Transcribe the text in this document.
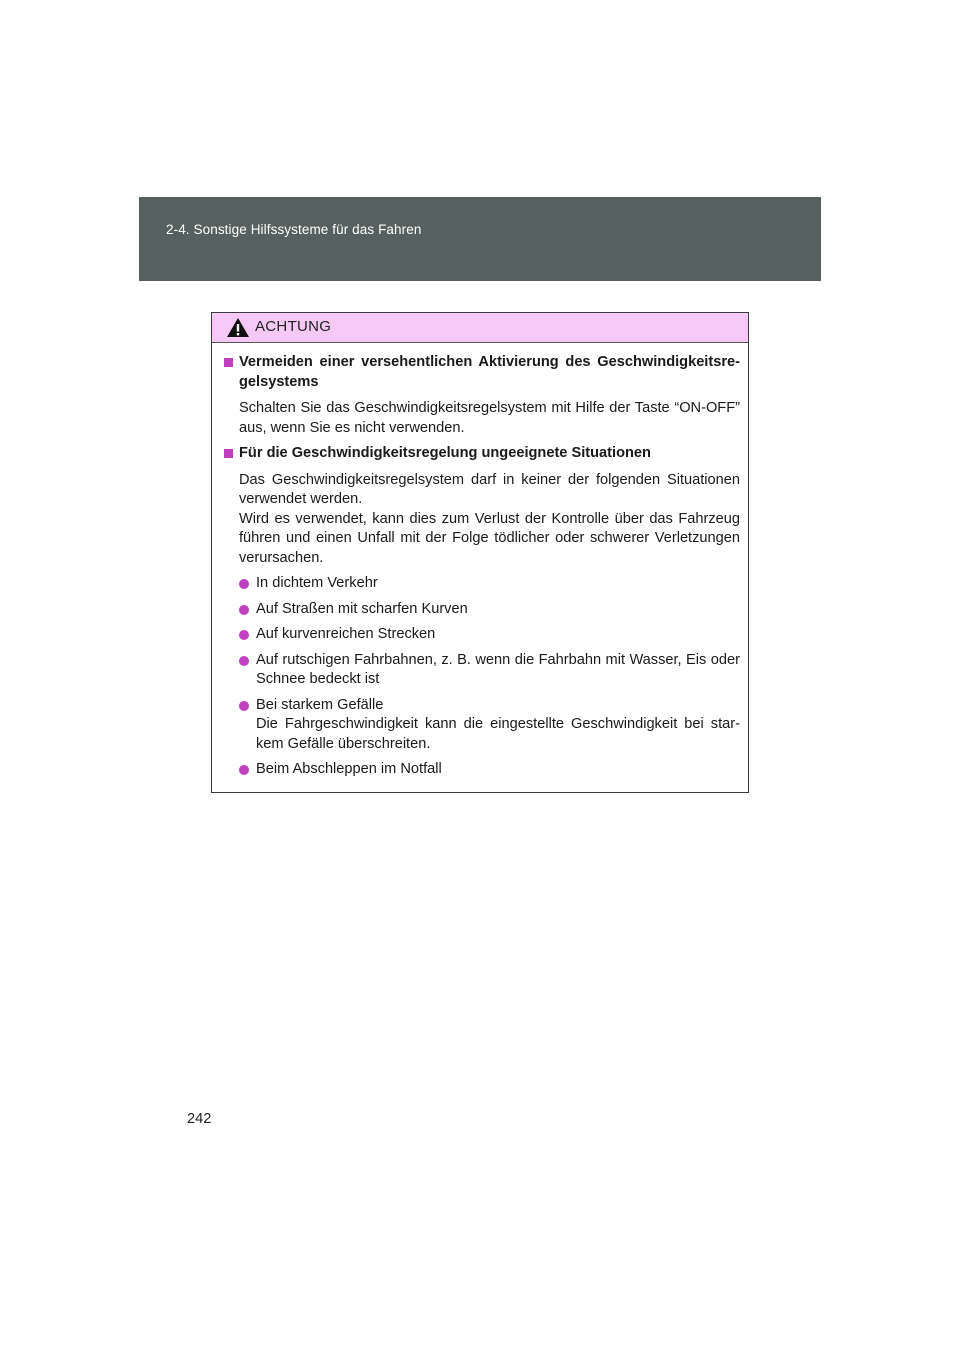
2-4. Sonstige Hilfssysteme für das Fahren
ACHTUNG
Vermeiden einer versehentlichen Aktivierung des Geschwindigkeitsre-gelsystems
Schalten Sie das Geschwindigkeitsregelsystem mit Hilfe der Taste “ON-OFF” aus, wenn Sie es nicht verwenden.
Für die Geschwindigkeitsregelung ungeeignete Situationen
Das Geschwindigkeitsregelsystem darf in keiner der folgenden Situationen verwendet werden.
Wird es verwendet, kann dies zum Verlust der Kontrolle über das Fahrzeug führen und einen Unfall mit der Folge tödlicher oder schwerer Verletzungen verursachen.
In dichtem Verkehr
Auf Straßen mit scharfen Kurven
Auf kurvenreichen Strecken
Auf rutschigen Fahrbahnen, z. B. wenn die Fahrbahn mit Wasser, Eis oder Schnee bedeckt ist
Bei starkem Gefälle
Die Fahrgeschwindigkeit kann die eingestellte Geschwindigkeit bei star-kem Gefälle überschreiten.
Beim Abschleppen im Notfall
242
